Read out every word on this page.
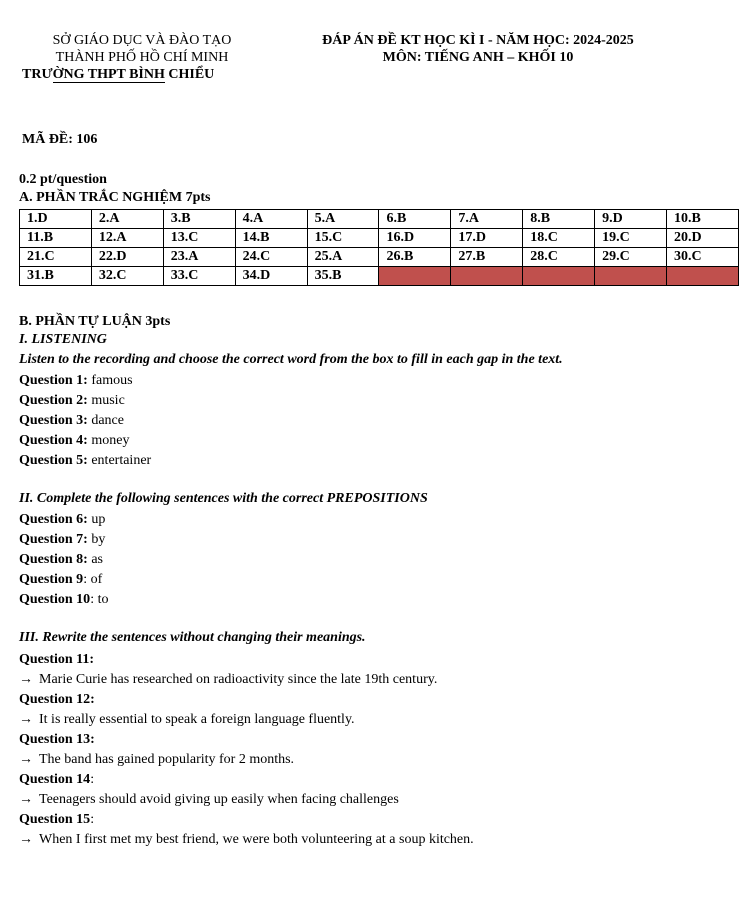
SỞ GIÁO DỤC VÀ ĐÀO TẠO
THÀNH PHỐ HỒ CHÍ MINH
TRƯỜNG THPT BÌNH CHIỂU
ĐÁP ÁN ĐỀ KT HỌC KÌ I - NĂM HỌC: 2024-2025
MÔN: TIẾNG ANH – KHỐI 10
MÃ ĐỀ: 106
0.2 pt/question
A. PHẦN TRẮC NGHIỆM 7pts
1.D	2.A	3.B	4.A	5.A	6.B	7.A	8.B	9.D	10.B
11.B	12.A	13.C	14.B	15.C	16.D	17.D	18.C	19.C	20.D
21.C	22.D	23.A	24.C	25.A	26.B	27.B	28.C	29.C	30.C
31.B	32.C	33.C	34.D	35.B					
B. PHẦN TỰ LUẬN 3pts
I. LISTENING
Listen to the recording and choose the correct word from the box to fill in each gap in the text.
Question 1: famous
Question 2: music
Question 3: dance
Question 4: money
Question 5: entertainer
II. Complete the following sentences with the correct PREPOSITIONS
Question 6: up
Question 7: by
Question 8: as
Question 9: of
Question 10: to
III. Rewrite the sentences without changing their meanings.
Question 11:
→ Marie Curie has researched on radioactivity since the late 19th century.
Question 12:
→ It is really essential to speak a foreign language fluently.
Question 13:
→ The band has gained popularity for 2 months.
Question 14:
→ Teenagers should avoid giving up easily when facing challenges
Question 15:
→ When I first met my best friend, we were both volunteering at a soup kitchen.
